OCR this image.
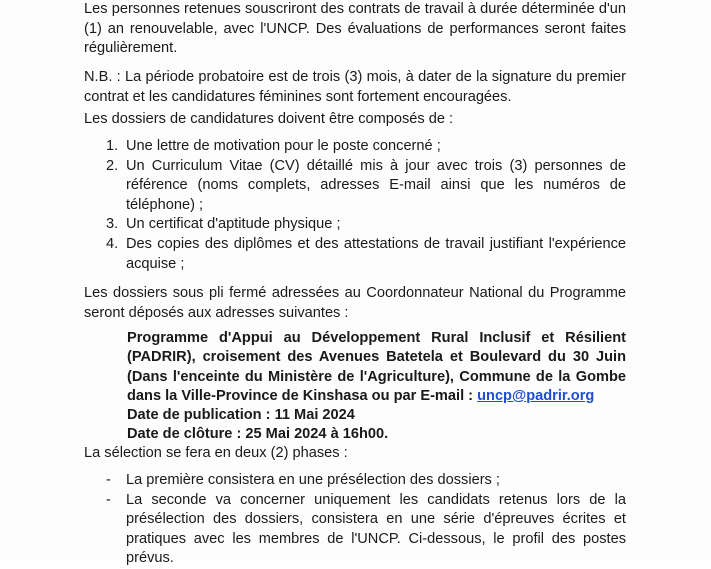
Les personnes retenues souscriront des contrats de travail à durée déterminée d'un (1) an renouvelable, avec l'UNCP. Des évaluations de performances seront faites régulièrement.

N.B. : La période probatoire est de trois (3) mois, à dater de la signature du premier contrat et les candidatures féminines sont fortement encouragées.

Les dossiers de candidatures doivent être composés de :

1. Une lettre de motivation pour le poste concerné ;
2. Un Curriculum Vitae (CV) détaillé mis à jour avec trois (3) personnes de référence (noms complets, adresses E-mail ainsi que les numéros de téléphone) ;
3. Un certificat d'aptitude physique ;
4. Des copies des diplômes et des attestations de travail justifiant l'expérience acquise ;

Les dossiers sous pli fermé adressées au Coordonnateur National du Programme seront déposés aux adresses suivantes :

Programme d'Appui au Développement Rural Inclusif et Résilient (PADRIR), croisement des Avenues Batetela et Boulevard du 30 Juin (Dans l'enceinte du Ministère de l'Agriculture), Commune de la Gombe dans la Ville-Province de Kinshasa ou par E-mail : uncp@padrir.org
Date de publication : 11 Mai 2024
Date de clôture : 25 Mai 2024 à 16h00.

La sélection se fera en deux (2) phases :

- La première consistera en une présélection des dossiers ;
- La seconde va concerner uniquement les candidats retenus lors de la présélection des dossiers, consistera en une série d'épreuves écrites et pratiques avec les membres de l'UNCP. Ci-dessous, le profil des postes prévus.
